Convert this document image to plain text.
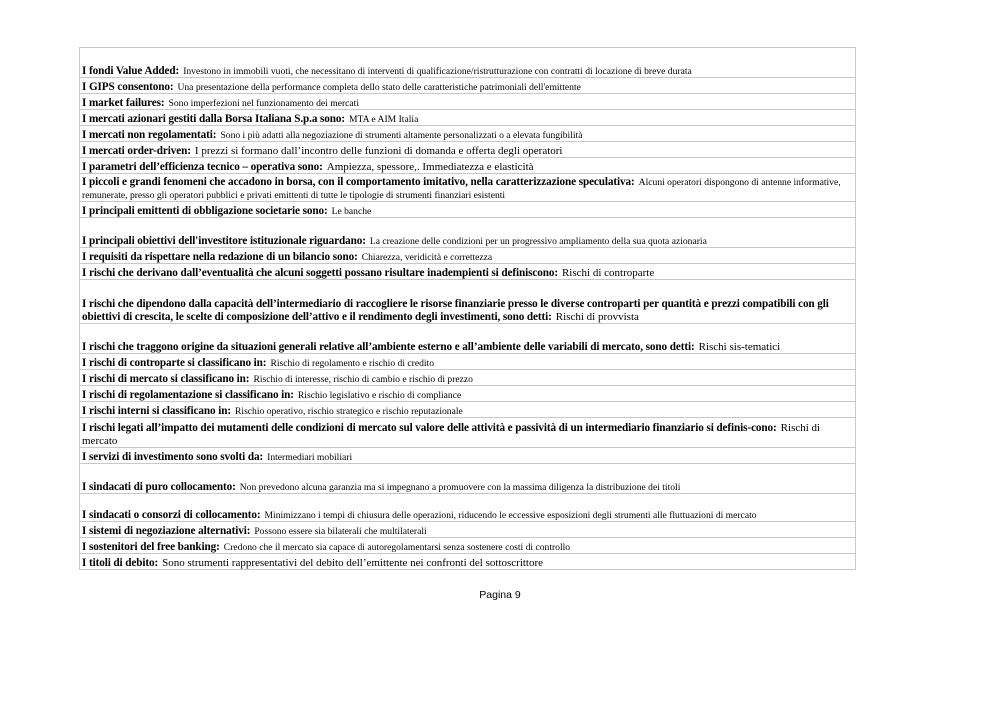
I fondi Value Added: Investono in immobili vuoti, che necessitano di interventi di qualificazione/ristrutturazione con contratti di locazione di breve durata
I GIPS consentono: Una presentazione della performance completa dello stato delle caratteristiche patrimoniali dell'emittente
I market failures: Sono imperfezioni nel funzionamento dei mercati
I mercati azionari gestiti dalla Borsa Italiana S.p.a sono: MTA e AIM Italia
I mercati non regolamentati: Sono i più adatti alla negoziazione di strumenti altamente personalizzati o a elevata fungibilità
I mercati order-driven: I prezzi si formano dall’incontro delle funzioni di domanda e offerta degli operatori
I parametri dell’efficienza tecnico – operativa sono: Ampiezza, spessore,. Immediatezza e elasticità
I piccoli e grandi fenomeni che accadono in borsa, con il comportamento imitativo, nella caratterizzazione speculativa: Alcuni operatori dispongono di antenne informative, remunerate, presso gli operatori pubblici e privati emittenti di tutte le tipologie di strumenti finanziari esistenti
I principali emittenti di obbligazione societarie sono: Le banche
I principali obiettivi dell'investitore istituzionale riguardano: La creazione delle condizioni per un progressivo ampliamento della sua quota azionaria
I requisiti da rispettare nella redazione di un bilancio sono: Chiarezza, veridicità e correttezza
I rischi che derivano dall’eventualità che alcuni soggetti possano risultare inadempienti si definiscono: Rischi di controparte
I rischi che dipendono dalla capacità dell’intermediario di raccogliere le risorse finanziarie presso le diverse controparti per quantità e prezzi compatibili con gli obiettivi di crescita, le scelte di composizione dell’attivo e il rendimento degli investimenti, sono detti: Rischi di provvista
I rischi che traggono origine da situazioni generali relative all’ambiente esterno e all’ambiente delle variabili di mercato, sono detti: Rischi sis-tematici
I rischi di controparte si classificano in: Rischio di regolamento e rischio di credito
I rischi di mercato si classificano in: Rischio di interesse, rischio di cambio e rischio di prezzo
I rischi di regolamentazione si classificano in: Rischio legislativo e rischio di compliance
I rischi interni si classificano in: Rischio operativo, rischio strategico e rischio reputazionale
I rischi legati all’impatto dei mutamenti delle condizioni di mercato sul valore delle attività e passività di un intermediario finanziario si definis-cono: Rischi di mercato
I servizi di investimento sono svolti da: Intermediari mobiliari
I sindacati di puro collocamento: Non prevedono alcuna garanzia ma si impegnano a promuovere con la massima diligenza la distribuzione dei titoli
I sindacati o consorzi di collocamento: Minimizzano i tempi di chiusura delle operazioni, riducendo le eccessive esposizioni degli strumenti alle fluttuazioni di mercato
I sistemi di negoziazione alternativi: Possono essere sia bilaterali che multilaterali
I sostenitori del free banking: Credono che il mercato sia capace di autoregolamentarsi senza sostenere costi di controllo
I titoli di debito: Sono strumenti rappresentativi del debito dell’emittente nei confronti del sottoscrittore
Pagina 9
